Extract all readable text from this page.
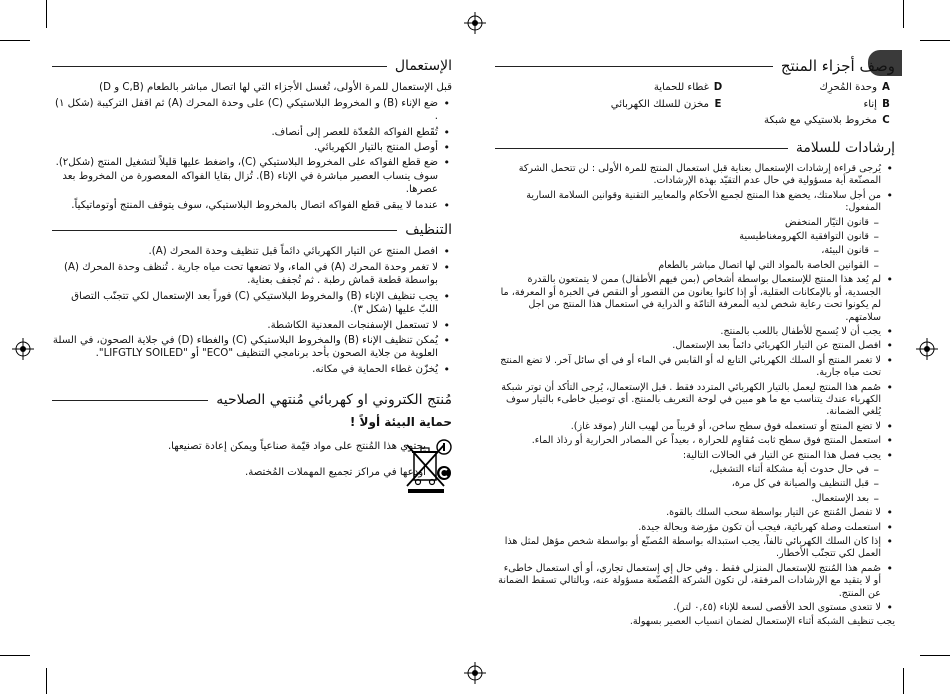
الإستعمال
قبل الإستعمال للمرة الأولى، تُغسل الأجزاء التي لها اتصال مباشر بالطعام (C,B و D)
• ضع الإناء (B) و المخروط البلاستيكي (C) على وحدة المحرك (A) ثم اقفل التركيبة (شكل ١) .
• تُقَطع الفواكه المُعدّة للعصر إلى أنصاف.
• أوصل المنتج بالتيار الكهربائي.
• ضع قطع الفواكه على المخروط البلاستيكي (C)، واضغط عليها قليلاً لتشغيل المنتج (شكل٢). سوف ينساب العصير مباشرة في الإناء (B). تُزال بقايا الفواكه المعصورة من المخروط بعد عصرها.
• عندما لا يبقى قطع الفواكه اتصال بالمخروط البلاستيكي، سوف يتوقف المنتج أوتوماتيكياً.
التنظيف
• افصل المنتج عن التيار الكهربائي دائماً قبل تنظيف وحدة المحرك (A).
• لا تغمر وحدة المحرك (A) في الماء، ولا تضعها تحت مياه جارية . تُنظف وحدة المحرك (A) بواسطة قطعة قماش رطبة . ثم تُجفف بعناية.
• يجب تنظيف الإناء (B) والمخروط البلاستيكي (C) فوراً بعد الإستعمال لكي تتجنّب التصاق اللبّ عليها (شكل ٣).
• لا تستعمل الإسفنجات المعدنية الكاشطة.
• يُمكن تنظيف الإناء (B) والمخروط البلاستيكي (C) والغطاء (D) في جلاية الصحون، في السلة العلوية من جلاية الصحون بأحد برنامجي التنظيف "ECO" أو "LIFGTLY SOILED".
• يُخزّن غطاء الحماية في مكانه.
مُنتج الكتروني او كهربائي مُنتهي الصلاحيه
حماية البيئة أولاً !
يحتوي هذا المُنتج على مواد قيّمة صناعياً ويمكن إعادة تصنيعها.
أودعها في مراكز تجميع المهملات المُختصة.
وصف أجزاء المنتج
A
وحدة المُحرِك
D
غطاء للحماية
B
إناء
E
مخزن للسلك الكهربائي
C
مخروط بلاستيكي مع شبكة
إرشادات للسلامة
• يُرجى قراءة إرشادات الإستعمال بعناية قبل استعمال المنتج للمرة الأولى : لن تتحمل الشركة المصنّعة أية مسؤولية في حال عدم التقيّد بهذة الإرشادات.
• من أجل سلامتك، يخضع هذا المنتج لجميع الأحكام والمعايير التقنية وقوانين السلامة السارية المفعول:
– قانون التيّار المنخفض
– قانون التوافقية الكهرومغناطيسية
– قانون البيئة،
– القوانين الخاصة بالمواد التي لها اتصال مباشر بالطعام
• لم يُعد هذا المنتج للإستعمال بواسطة أشخاص (بمن فيهم الأطفال) ممن لا يتمتعون بالقدرة الجسدية، أو بالإمكانات العقلية، أو إذا كانوا يعانون من القصور أو النقص في الخبرة أو المعرفة، ما لم يكونوا تحت رعاية شخص لديه المعرفة التامّة و الدراية في استعمال هذا المنتج من اجل سلامتهم.
• يجب أن لا يُسمح للأطفال باللعب بالمنتج.
• افصل المنتج عن التيار الكهربائي دائماً بعد الإستعمال.
• لا تغمر المنتج أو السلك الكهربائي التابع له أو القابس في الماء أو في أي سائل آخر. لا تضع المنتج تحت مياه جارية.
• صُمم هذا المنتج ليعمل بالتيار الكهربائي المتردد فقط . قبل الإستعمال، يُرجى التأكد أن توتر شبكة الكهرباء عندك يتناسب مع ما هو مبين في لوحة التعريف بالمنتج. أي توصيل خاطىء بالتيار سوف يُلغي الضمانة.
• لا تضع المنتج أو تستعمله فوق سطح ساخن، أو قريباً من لهيب النار (موقد غاز).
• استعمل المنتج فوق سطح ثابت مُقاوِم للحرارة ، بعيداً عن المصادر الحرارية أو رذاذ الماء.
• يجب فصل هذا المنتج عن التيار في الحالات التالية:
– في حال حدوث أية مشكلة أثناء التشغيل،
– قبل التنظيف والصيانة في كل مرة،
– بعد الإستعمال.
• لا تفصل المُنتج عن التيار بواسطة سحب السلك بالقوة.
• استعملت وصلة كهربائية، فيجب أن تكون مؤرضة وبحالة جيدة.
• إذا كان السلك الكهربائي تالفاً، يجب استبداله بواسطة المُصنّع أو بواسطة شخص مؤهل لمثل هذا العمل لكي تتجنّب الأخطار.
• صُمم هذا المُنتج للإستعمال المنزلي فقط . وفي حال إي إستعمال تجاري، أو أي استعمال خاطىء أو لا يتقيد مع الإرشادات المرفقة، لن تكون الشركة المُصنّعة مسؤولة عنه، وبالتالي تسقط الضمانة عن المنتج.
• لا تتعدى مستوى الحد الأقصى لسعة للإناء (٠,٤٥ لتر).
يجب تنظيف الشبكة أثناء الإستعمال لضمان انسياب العصير بسهولة.
